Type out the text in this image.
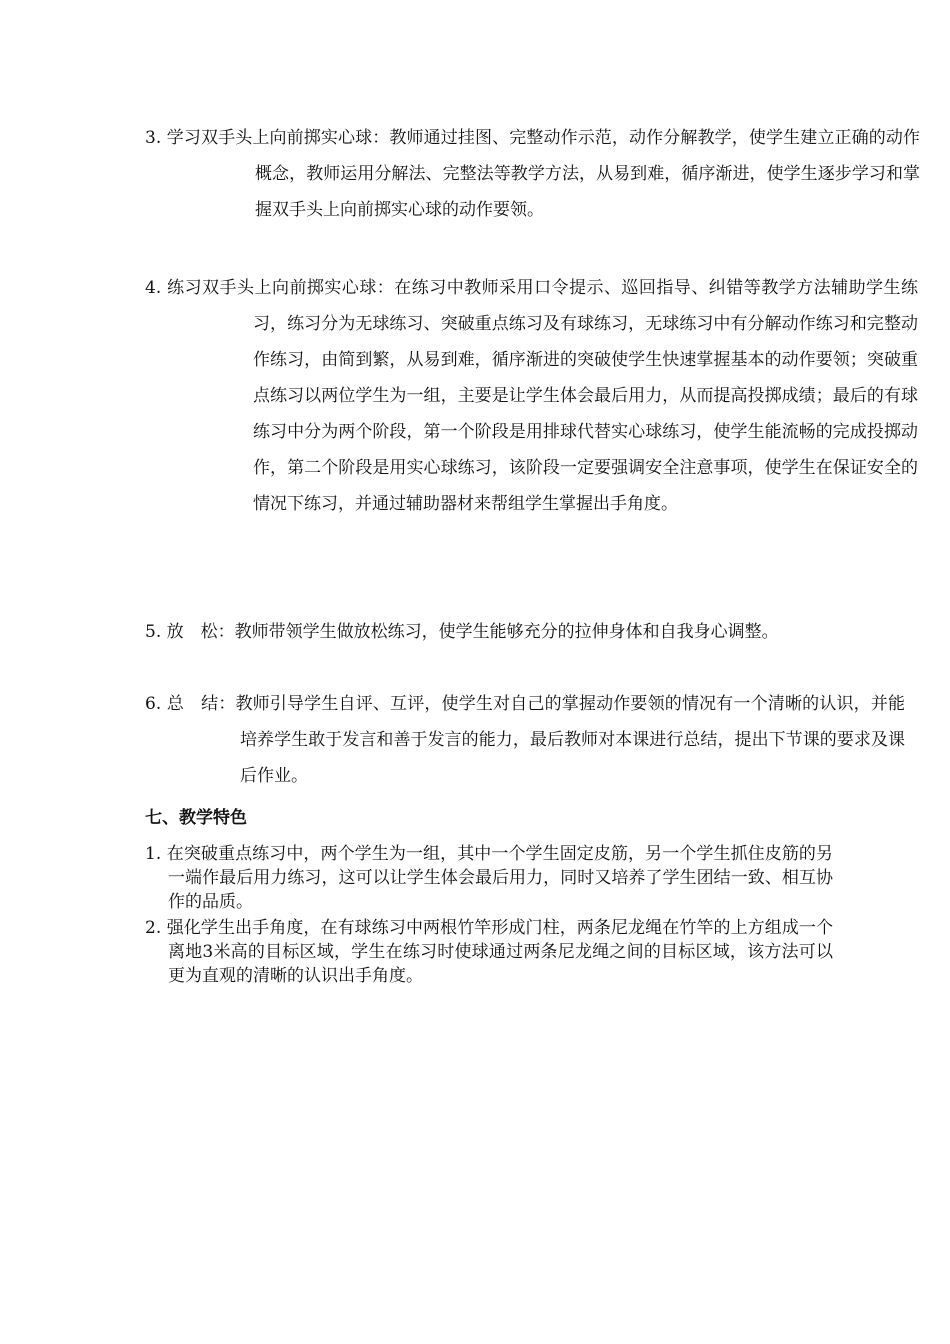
3. 学习双手头上向前掷实心球：教师通过挂图、完整动作示范，动作分解教学，使学生建立正确的动作概念，教师运用分解法、完整法等教学方法，从易到难，循序渐进，使学生逐步学习和掌握双手头上向前掷实心球的动作要领。

4. 练习双手头上向前掷实心球：在练习中教师采用口令提示、巡回指导、纠错等教学方法辅助学生练习，练习分为无球练习、突破重点练习及有球练习，无球练习中有分解动作练习和完整动作练习，由简到繁，从易到难，循序渐进的突破使学生快速掌握基本的动作要领；突破重点练习以两位学生为一组，主要是让学生体会最后用力，从而提高投掷成绩；最后的有球练习中分为两个阶段，第一个阶段是用排球代替实心球练习，使学生能流畅的完成投掷动作，第二个阶段是用实心球练习，该阶段一定要强调安全注意事项，使学生在保证安全的情况下练习，并通过辅助器材来帮组学生掌握出手角度。

5. 放　松：教师带领学生做放松练习，使学生能够充分的拉伸身体和自我身心调整。

6. 总　结：教师引导学生自评、互评，使学生对自己的掌握动作要领的情况有一个清晰的认识，并能培养学生敢于发言和善于发言的能力，最后教师对本课进行总结，提出下节课的要求及课后作业。

七、教学特色

1. 在突破重点练习中，两个学生为一组，其中一个学生固定皮筋，另一个学生抓住皮筋的另一端作最后用力练习，这可以让学生体会最后用力，同时又培养了学生团结一致、相互协作的品质。

2. 强化学生出手角度，在有球练习中两根竹竿形成门柱，两条尼龙绳在竹竿的上方组成一个离地3米高的目标区域，学生在练习时使球通过两条尼龙绳之间的目标区域，该方法可以更为直观的清晰的认识出手角度。
